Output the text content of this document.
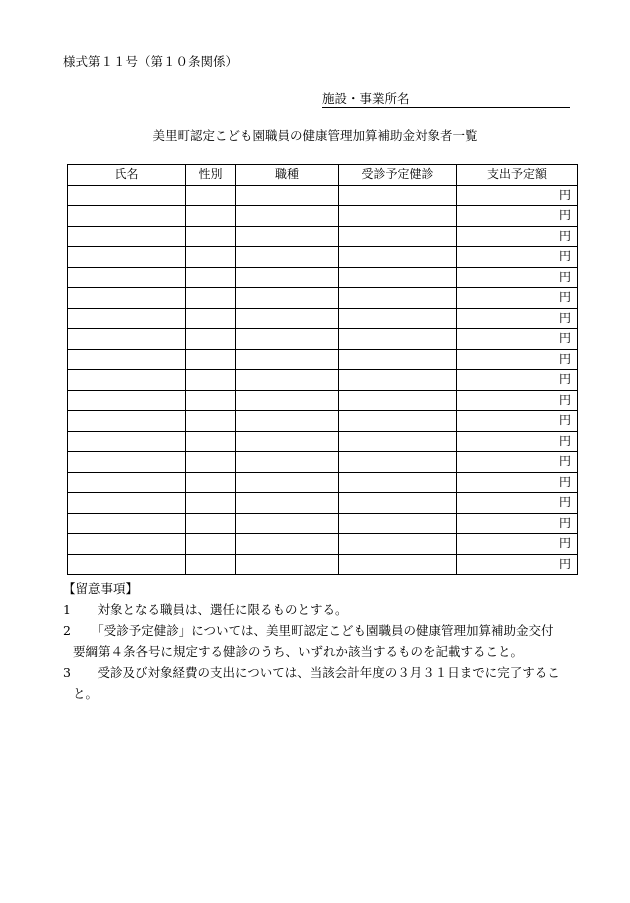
様式第１１号（第１０条関係）
施設・事業所名
美里町認定こども園職員の健康管理加算補助金対象者一覧
氏名	性別	職種	受診予定健診	支出予定額
				円
				円
				円
				円
				円
				円
				円
				円
				円
				円
				円
				円
				円
				円
				円
				円
				円
				円
				円
【留意事項】
1　対象となる職員は、選任に限るものとする。
2　「受診予定健診」については、美里町認定こども園職員の健康管理加算補助金交付
要綱第４条各号に規定する健診のうち、いずれか該当するものを記載すること。
3　受診及び対象経費の支出については、当該会計年度の３月３１日までに完了するこ
と。
